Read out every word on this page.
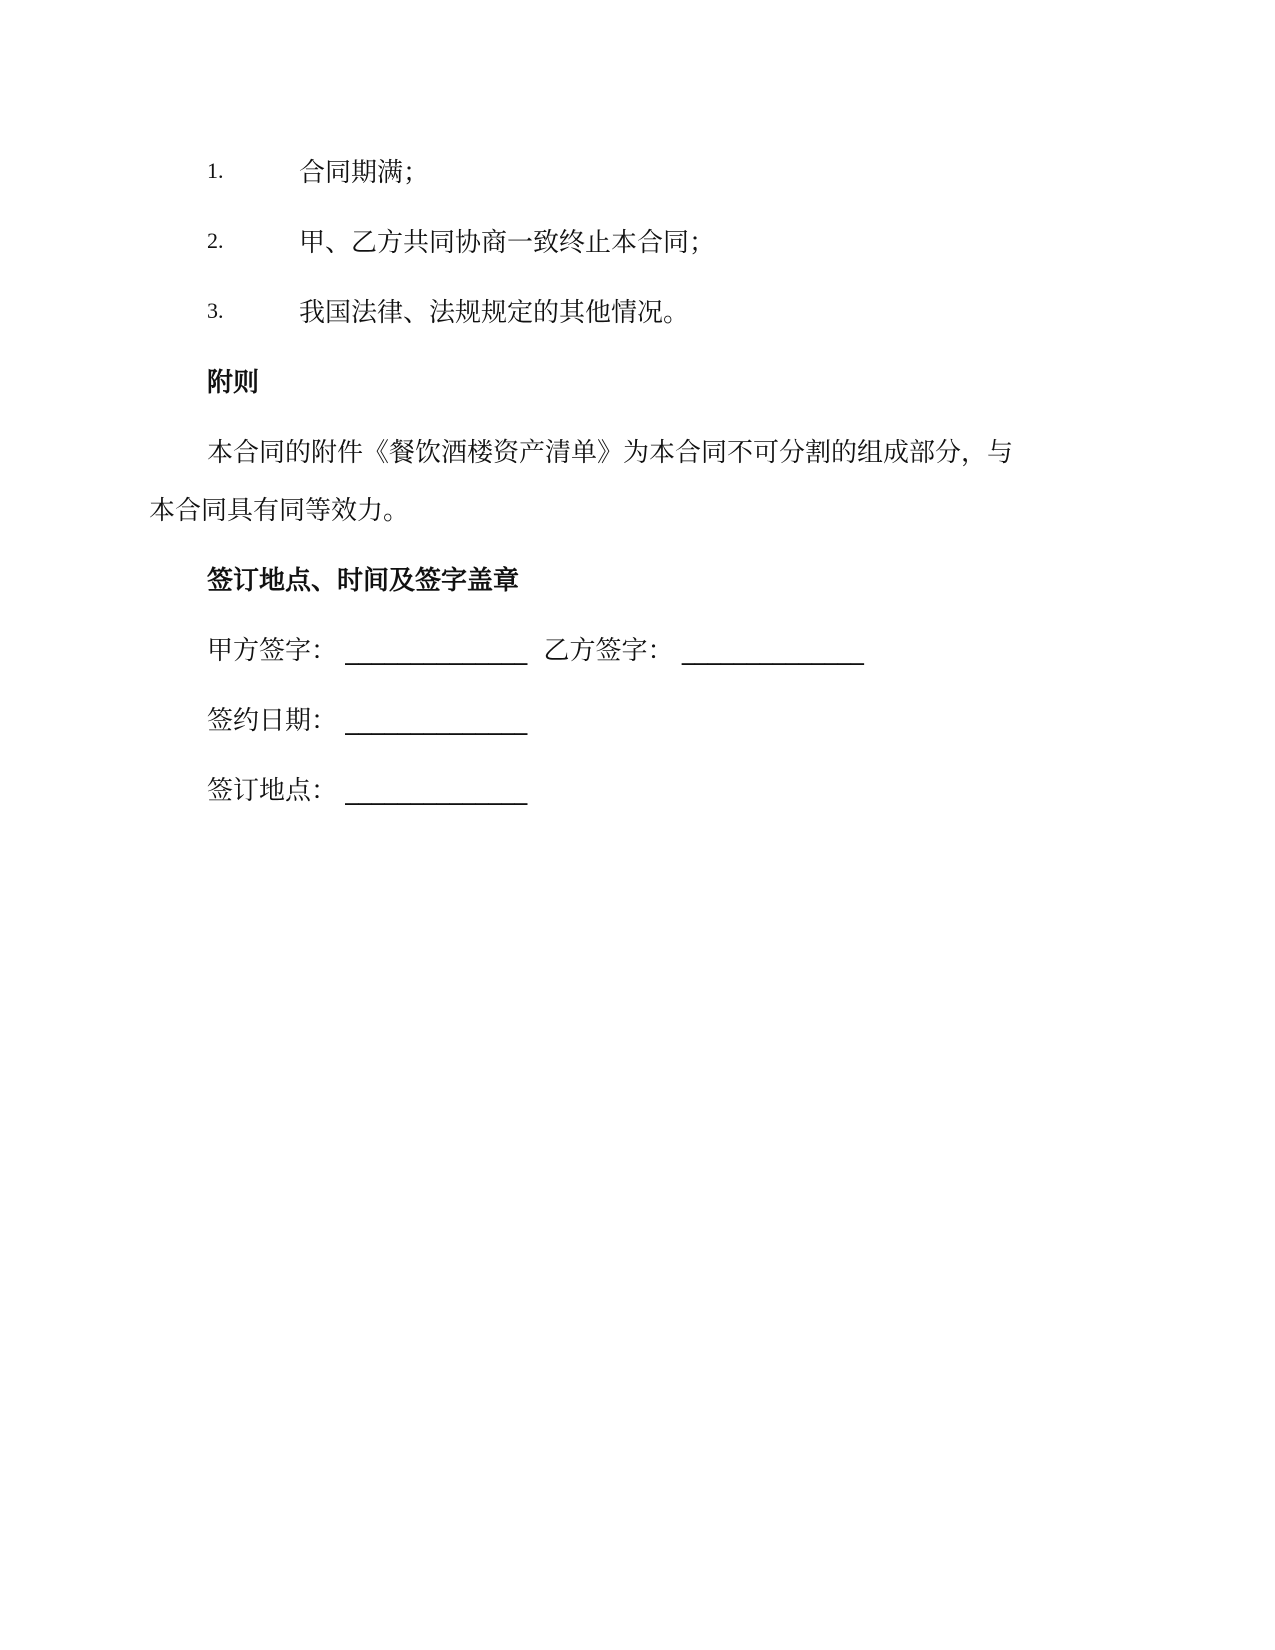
1.	合同期满；
2.	甲、乙方共同协商一致终止本合同；
3.	我国法律、法规规定的其他情况。
附则
本合同的附件《餐饮酒楼资产清单》为本合同不可分割的组成部分，与
本合同具有同等效力。
签订地点、时间及签字盖章
甲方签字： ______________ 乙方签字： ______________
签约日期： ______________
签订地点： ______________
